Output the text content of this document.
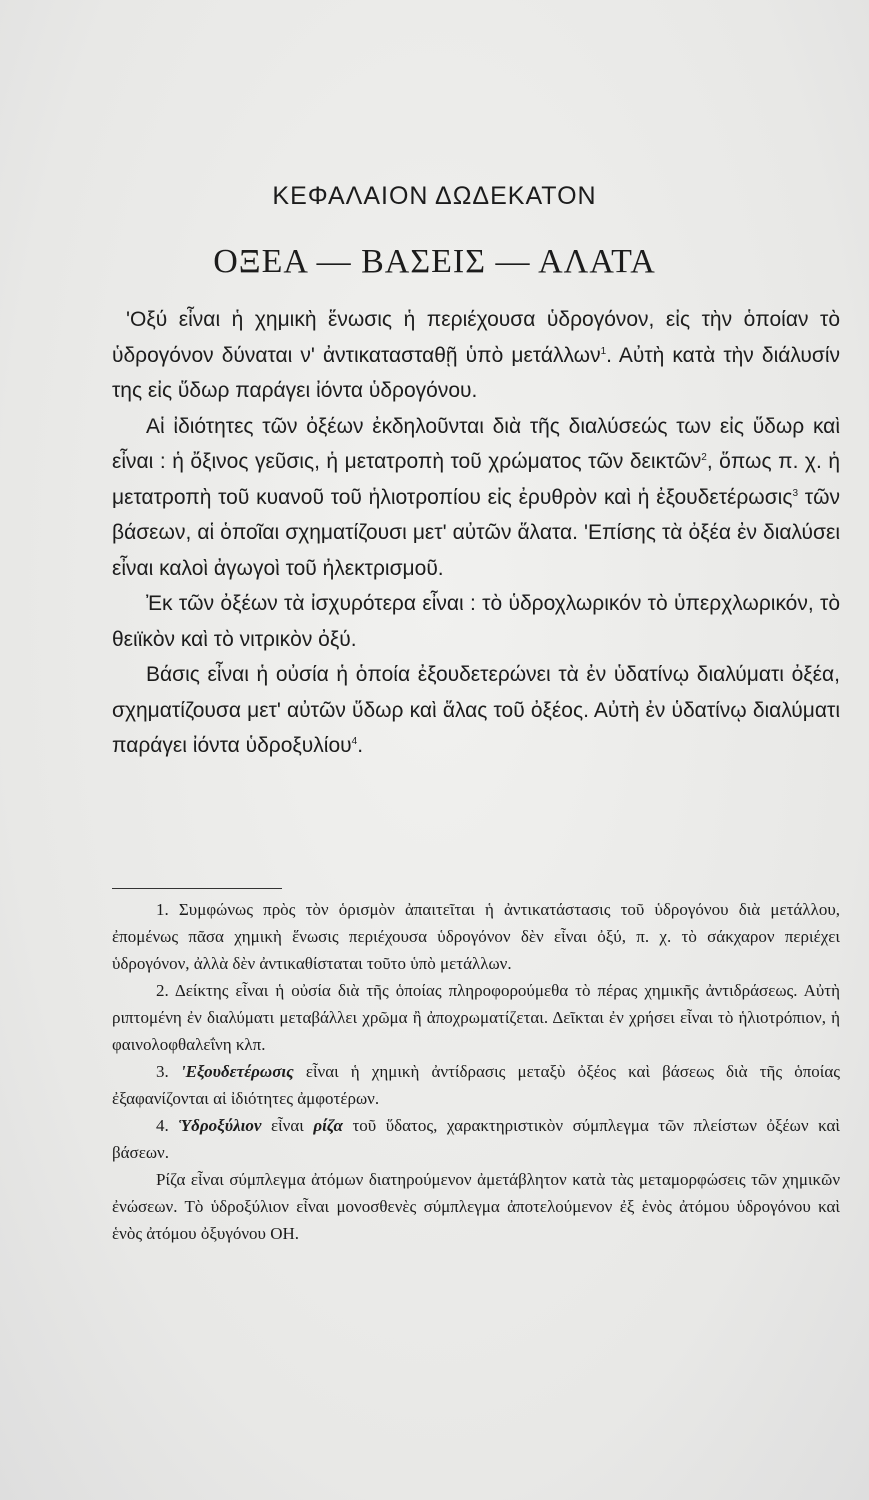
ΚΕΦΑΛΑΙΟΝ ΔΩΔΕΚΑΤΟΝ
ΟΞΕΑ — ΒΑΣΕΙΣ — ΑΛΑΤΑ

'Οξύ εἶναι ἡ χημικὴ ἕνωσις ἡ περιέχουσα ὑδρογόνον, εἰς τὴν ὁποίαν τὸ ὑδρογόνον δύναται ν' ἀντικατασταθῇ ὑπὸ μετάλλων$^1$. Αὐτὴ κατὰ τὴν διάλυσίν της εἰς ὕδωρ παράγει ἰόντα ὑδρογόνου.

Αἱ ἰδιότητες τῶν ὀξέων ἐκδηλοῦνται διὰ τῆς διαλύσεώς των εἰς ὕδωρ καὶ εἶναι : ἡ ὄξινος γεῦσις, ἡ μετατροπὴ τοῦ χρώματος τῶν δεικτῶν$^2$, ὅπως π. χ. ἡ μετατροπὴ τοῦ κυανοῦ τοῦ ἡλιοτροπίου εἰς ἐρυθρὸν καὶ ἡ ἐξουδετέρωσις$^3$ τῶν βάσεων, αἱ ὁποῖαι σχηματίζουσι μετ' αὐτῶν ἅλατα. 'Επίσης τὰ ὀξέα ἐν διαλύσει εἶναι καλοὶ ἀγωγοὶ τοῦ ἠλεκτρισμοῦ.

Ἐκ τῶν ὀξέων τὰ ἰσχυρότερα εἶναι : τὸ ὑδροχλωρικόν τὸ ὑπερχλωρικόν, τὸ θειϊκὸν καὶ τὸ νιτρικὸν ὀξύ.

Βάσις εἶναι ἡ οὐσία ἡ ὁποία ἐξουδετερώνει τὰ ἐν ὑδατίνῳ διαλύματι ὀξέα, σχηματίζουσα μετ' αὐτῶν ὕδωρ καὶ ἅλας τοῦ ὀξέος. Αὐτὴ ἐν ὑδατίνῳ διαλύματι παράγει ἰόντα ὑδροξυλίου$^4$.

1. Συμφώνως πρὸς τὸν ὁρισμὸν ἀπαιτεῖται ἡ ἀντικατάστασις τοῦ ὑδρογόνου διὰ μετάλλου, ἐπομένως πᾶσα χημικὴ ἕνωσις περιέχουσα ὑδρογόνον δὲν εἶναι ὀξύ, π. χ. τὸ σάκχαρον περιέχει ὑδρογόνον, ἀλλὰ δὲν ἀντικαθίσταται τοῦτο ὑπὸ μετάλλων.

2. Δείκτης εἶναι ἡ οὐσία διὰ τῆς ὁποίας πληροφορούμεθα τὸ πέρας χημικῆς ἀντιδράσεως. Αὐτὴ ριπτομένη ἐν διαλύματι μεταβάλλει χρῶμα ἢ ἀποχρωματίζεται. Δεῖκται ἐν χρήσει εἶναι τὸ ἡλιοτρόπιον, ἡ φαινολοφθαλεΐνη κλπ.

3. 'Εξουδετέρωσις εἶναι ἡ χημικὴ ἀντίδρασις μεταξὺ ὀξέος καὶ βάσεως διὰ τῆς ὁποίας ἐξαφανίζονται αἱ ἰδιότητες ἀμφοτέρων.

4. Ὑδροξύλιον εἶναι ρίζα τοῦ ὕδατος, χαρακτηριστικὸν σύμπλεγμα τῶν πλείστων ὀξέων καὶ βάσεων.

Ρίζα εἶναι σύμπλεγμα ἀτόμων διατηρούμενον ἀμετάβλητον κατὰ τὰς μεταμορφώσεις τῶν χημικῶν ἐνώσεων. Τὸ ὑδροξύλιον εἶναι μονοσθενὲς σύμπλεγμα ἀποτελούμενον ἐξ ἑνὸς ἀτόμου ὑδρογόνου καὶ ἑνὸς ἀτόμου ὀξυγόνου ΟΗ.
